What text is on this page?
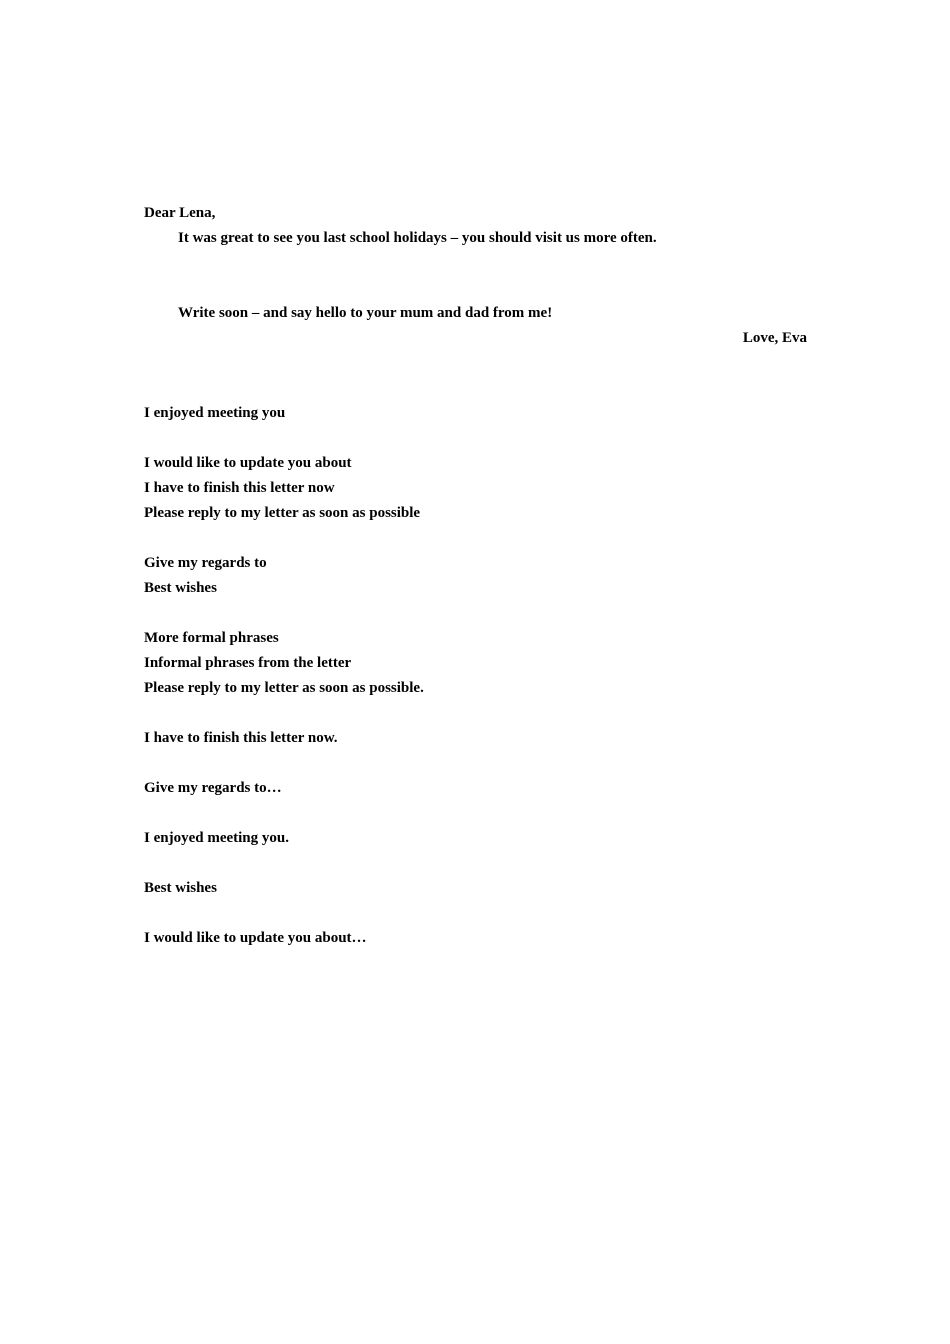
Dear Lena,
It was great to see you last school holidays – you should visit us more often.
Write soon – and say hello to your mum and dad from me!
Love, Eva
I enjoyed meeting you
I would like to update you about
I have to finish this letter now
Please reply to my letter as soon as possible
Give my regards to
Best wishes
More formal phrases
Informal phrases from the letter
Please reply to my letter as soon as possible.
I have to finish this letter now.
Give my regards to…
I enjoyed meeting you.
Best wishes
I would like to update you about…
